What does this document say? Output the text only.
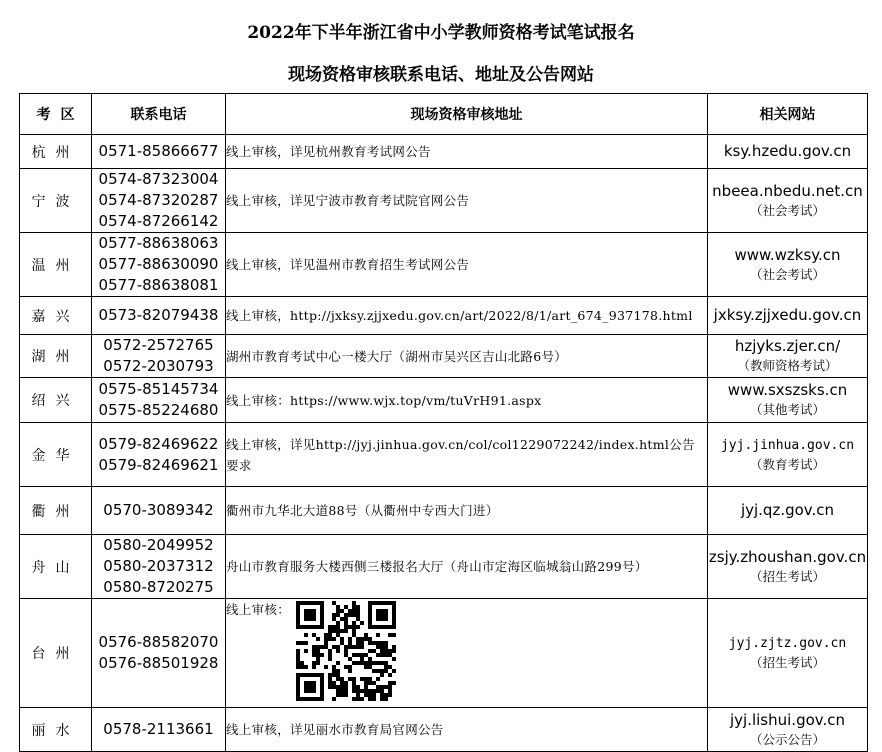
2022年下半年浙江省中小学教师资格考试笔试报名
现场资格审核联系电话、地址及公告网站
考区	联系电话	现场资格审核地址	相关网站
杭州	0571-85866677	线上审核，详见杭州教育考试网公告	ksy.hzedu.gov.cn

宁波	0574-87323004
0574-87320287
0574-87266142	线上审核，详见宁波市教育考试院官网公告	nbeea.nbedu.net.cn
（社会考试）

温州	0577-88638063
0577-88630090
0577-88638081	线上审核，详见温州市教育招生考试网公告	www.wzksy.cn
（社会考试）

嘉兴	0573-82079438	线上审核，http://jxksy.zjjxedu.gov.cn/art/2022/8/1/art_674_937178.html	jxksy.zjjxedu.gov.cn

湖州	0572-2572765
0572-2030793	湖州市教育考试中心一楼大厅（湖州市吴兴区吉山北路6号）	hzjyks.zjer.cn/
（教师资格考试）

绍兴	0575-85145734
0575-85224680	线上审核：https://www.wjx.top/vm/tuVrH91.aspx	www.sxszsks.cn
（其他考试）

金华	0579-82469622
0579-82469621	线上审核，详见http://jyj.jinhua.gov.cn/col/col1229072242/index.html公告要求	jyj.jinhua.gov.cn
（教育考试）

衢州	0570-3089342	衢州市九华北大道88号（从衢州中专西大门进）	jyj.qz.gov.cn

舟山	0580-2049952
0580-2037312
0580-8720275	舟山市教育服务大楼西侧三楼报名大厅（舟山市定海区临城翁山路299号）	zsjy.zhoushan.gov.cn
（招生考试）

台州	0576-88582070
0576-88501928	线上审核：	jyj.zjtz.gov.cn
（招生考试）

丽水	0578-2113661	线上审核，详见丽水市教育局官网公告	jyj.lishui.gov.cn
（公示公告）
